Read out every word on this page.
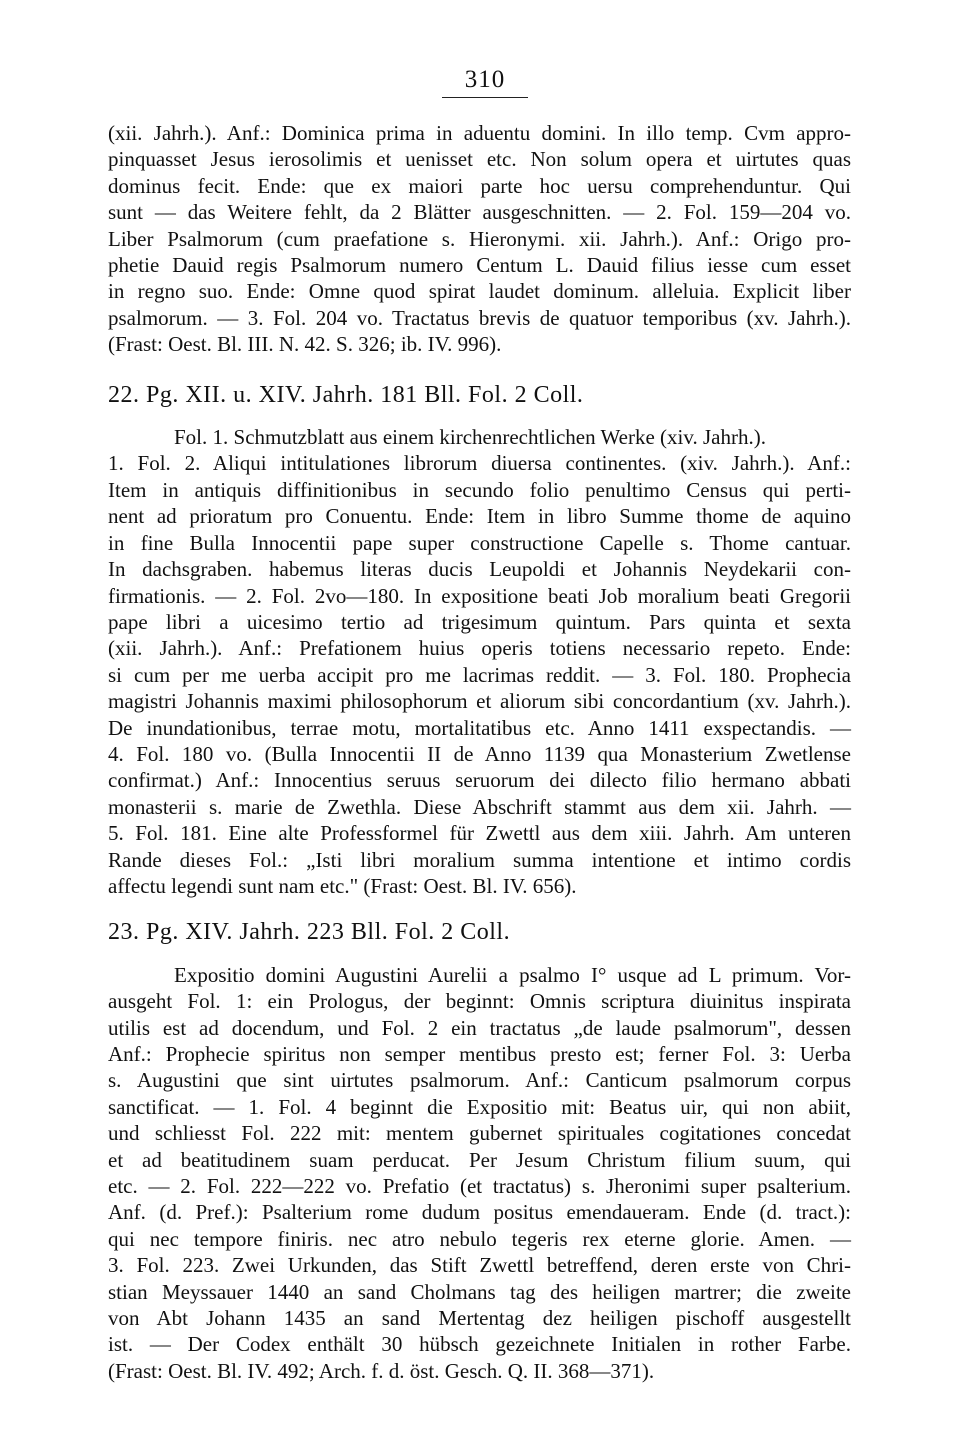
310
(xii. Jahrh.). Anf.: Dominica prima in aduentu domini. In illo temp. Cvm appro-
pinquasset Jesus ierosolimis et uenisset etc. Non solum opera et uirtutes quas
dominus fecit. Ende: que ex maiori parte hoc uersu comprehenduntur. Qui
sunt — das Weitere fehlt, da 2 Blätter ausgeschnitten. — 2. Fol. 159—204 vo.
Liber Psalmorum (cum praefatione s. Hieronymi. xii. Jahrh.). Anf.: Origo pro-
phetie Dauid regis Psalmorum numero Centum L. Dauid filius iesse cum esset
in regno suo. Ende: Omne quod spirat laudet dominum. alleluia. Explicit liber
psalmorum. — 3. Fol. 204 vo. Tractatus brevis de quatuor temporibus (xv. Jahrh.).
(Frast: Oest. Bl. III. N. 42. S. 326; ib. IV. 996).
22. Pg. XII. u. XIV. Jahrh. 181 Bll. Fol. 2 Coll.
Fol. 1. Schmutzblatt aus einem kirchenrechtlichen Werke (xiv. Jahrh.).
1. Fol. 2. Aliqui intitulationes librorum diuersa continentes. (xiv. Jahrh.). Anf.:
Item in antiquis diffinitionibus in secundo folio penultimo Census qui perti-
nent ad prioratum pro Conuentu. Ende: Item in libro Summe thome de aquino
in fine Bulla Innocentii pape super constructione Capelle s. Thome cantuar.
In dachsgraben. habemus literas ducis Leupoldi et Johannis Neydekarii con-
firmationis. — 2. Fol. 2vo—180. In expositione beati Job moralium beati Gregorii
pape libri a uicesimo tertio ad trigesimum quintum. Pars quinta et sexta
(xii. Jahrh.). Anf.: Prefationem huius operis totiens necessario repeto. Ende:
si cum per me uerba accipit pro me lacrimas reddit. — 3. Fol. 180. Prophecia
magistri Johannis maximi philosophorum et aliorum sibi concordantium (xv. Jahrh.).
De inundationibus, terrae motu, mortalitatibus etc. Anno 1411 exspectandis. —
4. Fol. 180 vo. (Bulla Innocentii II de Anno 1139 qua Monasterium Zwetlense
confirmat.) Anf.: Innocentius seruus seruorum dei dilecto filio hermano abbati
monasterii s. marie de Zwethla. Diese Abschrift stammt aus dem xii. Jahrh. —
5. Fol. 181. Eine alte Professformel für Zwettl aus dem xiii. Jahrh. Am unteren
Rande dieses Fol.: „Isti libri moralium summa intentione et intimo cordis
affectu legendi sunt nam etc." (Frast: Oest. Bl. IV. 656).
23. Pg. XIV. Jahrh. 223 Bll. Fol. 2 Coll.
Expositio domini Augustini Aurelii a psalmo I° usque ad L primum. Vor-
ausgeht Fol. 1: ein Prologus, der beginnt: Omnis scriptura diuinitus inspirata
utilis est ad docendum, und Fol. 2 ein tractatus „de laude psalmorum", dessen
Anf.: Prophecie spiritus non semper mentibus presto est; ferner Fol. 3: Uerba
s. Augustini que sint uirtutes psalmorum. Anf.: Canticum psalmorum corpus
sanctificat. — 1. Fol. 4 beginnt die Expositio mit: Beatus uir, qui non abiit,
und schliesst Fol. 222 mit: mentem gubernet spirituales cogitationes concedat
et ad beatitudinem suam perducat. Per Jesum Christum filium suum, qui
etc. — 2. Fol. 222—222 vo. Prefatio (et tractatus) s. Jheronimi super psalterium.
Anf. (d. Pref.): Psalterium rome dudum positus emendaueram. Ende (d. tract.):
qui nec tempore finiris. nec atro nebulo tegeris rex eterne glorie. Amen. —
3. Fol. 223. Zwei Urkunden, das Stift Zwettl betreffend, deren erste von Chri-
stian Meyssauer 1440 an sand Cholmans tag des heiligen martrer; die zweite
von Abt Johann 1435 an sand Mertentag dez heiligen pischoff ausgestellt
ist. — Der Codex enthält 30 hübsch gezeichnete Initialen in rother Farbe.
(Frast: Oest. Bl. IV. 492; Arch. f. d. öst. Gesch. Q. II. 368—371).
